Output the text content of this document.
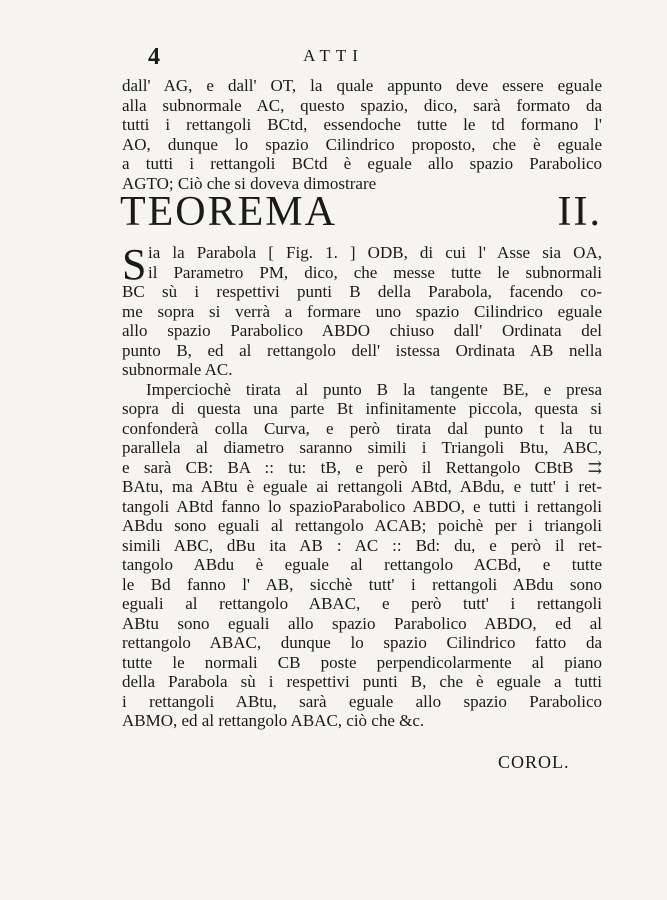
4	ATTI
dall' AG, e dall' OT, la quale appunto deve essere eguale
alla subnormale AC, questo spazio, dico, sarà formato da
tutti i rettangoli BCtd, essendoche tutte le td formano l'
AO, dunque lo spazio Cilindrico proposto, che è eguale
a tutti i rettangoli BCtd è eguale allo spazio Parabolico
AGTO; Ciò che si doveva dimostrare
TEOREMA II.
S ia la Parabola [ Fig. 1. ] ODB, di cui l' Asse sia OA,
il Parametro PM, dico, che messe tutte le subnormali
BC sù i respettivi punti B della Parabola, facendo co-
me sopra si verrà a formare uno spazio Cilindrico eguale
allo spazio Parabolico ABDO chiuso dall' Ordinata del
punto B, ed al rettangolo dell' istessa Ordinata AB nella
subnormale AC.
Imperciochè tirata al punto B la tangente BE, e presa
sopra di questa una parte Bt infinitamente piccola, questa si
confonderà colla Curva, e però tirata dal punto t la tu
parallela al diametro saranno simili i Triangoli Btu, ABC,
e sarà CB: BA :: tu: tB, e però il Rettangolo CBtB ⇉
BAtu, ma ABtu è eguale ai rettangoli ABtd, ABdu, e tutt' i ret-
tangoli ABtd fanno lo spazioParabolico ABDO, e tutti i rettangoli
ABdu sono eguali al rettangolo ACAB; poichè per i triangoli
simili ABC, dBu ita AB : AC :: Bd: du, e però il ret-
tangolo ABdu è eguale al rettangolo ACBd, e tutte
le Bd fanno l' AB, sicchè tutt' i rettangoli ABdu sono
eguali al rettangolo ABAC, e però tutt' i rettangoli
ABtu sono eguali allo spazio Parabolico ABDO, ed al
rettangolo ABAC, dunque lo spazio Cilindrico fatto da
tutte le normali CB poste perpendicolarmente al piano
della Parabola sù i respettivi punti B, che è eguale a tutti
i rettangoli ABtu, sarà eguale allo spazio Parabolico
ABMO, ed al rettangolo ABAC, ciò che &c.
COROL.
